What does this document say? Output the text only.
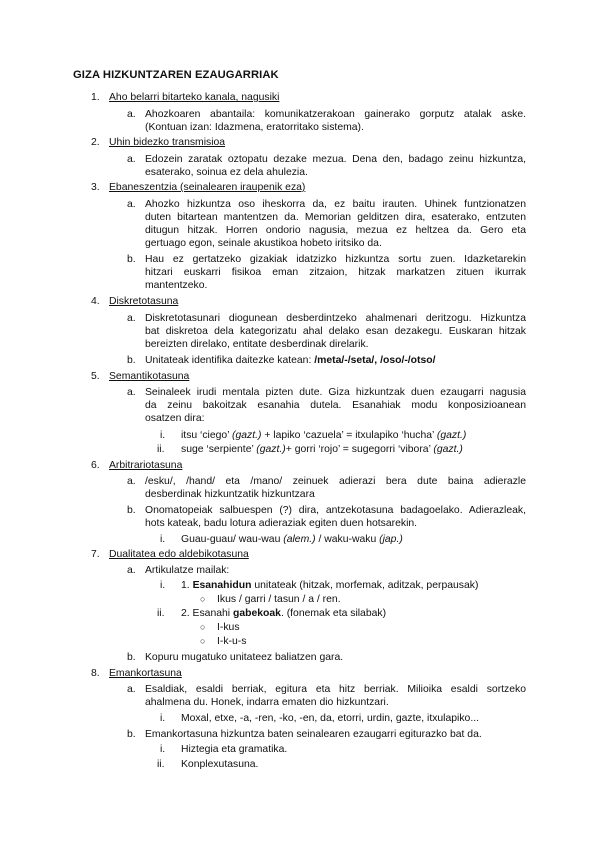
GIZA HIZKUNTZAREN EZAUGARRIAK
1. Aho belarri bitarteko kanala, nagusiki
a. Ahozkoaren abantaila: komunikatzerakoan gainerako gorputz atalak aske.
(Kontuan izan: Idazmena, eratorritako sistema).
2. Uhin bidezko transmisioa
a. Edozein zaratak oztopatu dezake mezua. Dena den, badago zeinu hizkuntza,
esaterako, soinua ez dela ahulezia.
3. Ebaneszentzia (seinalearen iraupenik eza)
a. Ahozko hizkuntza oso iheskorra da, ez baitu irauten. Uhinek funtzionatzen
duten bitartean mantentzen da. Memorian gelditzen dira, esaterako, entzuten
ditugun hitzak. Horren ondorio nagusia, mezua ez heltzea da. Gero eta
gertuago egon, seinale akustikoa hobeto iritsiko da.
b. Hau ez gertatzeko gizakiak idatzizko hizkuntza sortu zuen. Idazketarekin
hitzari euskarri fisikoa eman zitzaion, hitzak markatzen zituen ikurrak
mantentzeko.
4. Diskretotasuna
a. Diskretotasunari diogunean desberdintzeko ahalmenari deritzogu. Hizkuntza
bat diskretoa dela kategorizatu ahal delako esan dezakegu. Euskaran hitzak
bereizten direlako, entitate desberdinak direlarik.
b. Unitateak identifika daitezke katean: /meta/-/seta/, /oso/-/otso/
5. Semantikotasuna
a. Seinaleek irudi mentala pizten dute. Giza hizkuntzak duen ezaugarri nagusia
da zeinu bakoitzak esanahia dutela. Esanahiak modu konposizioanean
osatzen dira:
i. itsu ‘ciego’ (gazt.) + lapiko ‘cazuela’ = itxulapiko ‘hucha’ (gazt.)
ii. suge ‘serpiente’ (gazt.)+ gorri ‘rojo’ = sugegorri ‘vibora’ (gazt.)
6. Arbitrariotasuna
a. /esku/, /hand/ eta /mano/ zeinuek adierazi bera dute baina adierazle
desberdinak hizkuntzatik hizkuntzara
b. Onomatopeiak salbuespen (?) dira, antzekotasuna badagoelako. Adierazleak,
hots kateak, badu lotura adieraziak egiten duen hotsarekin.
i. Guau-guau/ wau-wau (alem.) / waku-waku (jap.)
7. Dualitatea edo aldebikotasuna
a. Artikulatze mailak:
i. 1. Esanahidun unitateak (hitzak, morfemak, aditzak, perpausak)
○ Ikus / garri / tasun / a / ren.
ii. 2. Esanahi gabekoak. (fonemak eta silabak)
○ I-kus
○ I-k-u-s
b. Kopuru mugatuko unitateez baliatzen gara.
8. Emankortasuna
a. Esaldiak, esaldi berriak, egitura eta hitz berriak. Milioika esaldi sortzeko
ahalmena du. Honek, indarra ematen dio hizkuntzari.
i. Moxal, etxe, -a, -ren, -ko, -en, da, etorri, urdin, gazte, itxulapiko...
b. Emankortasuna hizkuntza baten seinalearen ezaugarri egiturazko bat da.
i. Hiztegia eta gramatika.
ii. Konplexutasuna.
